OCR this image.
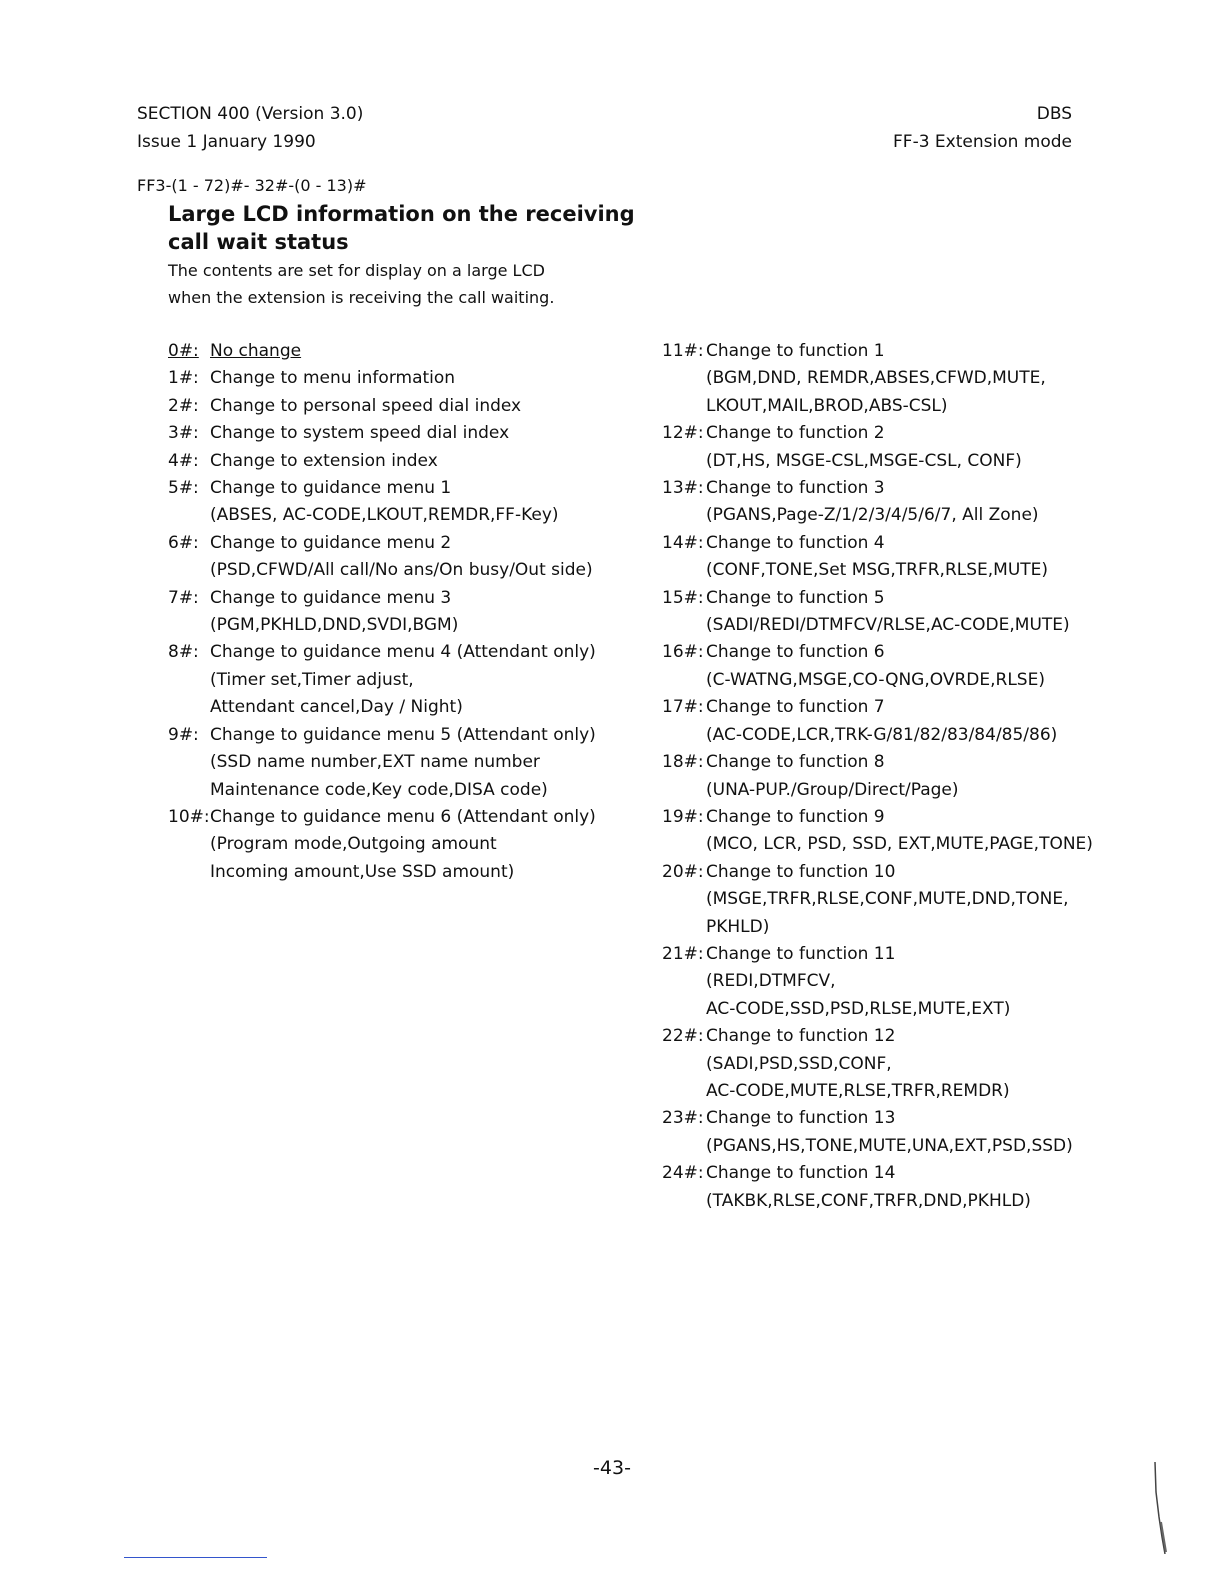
SECTION 400 (Version 3.0)
Issue 1 January 1990
DBS
FF-3 Extension mode
FF3-(1 - 72)#- 32#-(0 - 13)#
Large LCD information on the receiving
call wait status
The contents are set for display on a large LCD
when the extension is receiving the call waiting.
0#: No change
1#: Change to menu information
2#: Change to personal speed dial index
3#: Change to system speed dial index
4#: Change to extension index
5#: Change to guidance menu 1
(ABSES, AC-CODE,LKOUT,REMDR,FF-Key)
6#: Change to guidance menu 2
(PSD,CFWD/All call/No ans/On busy/Out side)
7#: Change to guidance menu 3
(PGM,PKHLD,DND,SVDI,BGM)
8#: Change to guidance menu 4 (Attendant only)
(Timer set,Timer adjust,
Attendant cancel,Day / Night)
9#: Change to guidance menu 5 (Attendant only)
(SSD name number,EXT name number
Maintenance code,Key code,DISA code)
10#: Change to guidance menu 6 (Attendant only)
(Program mode,Outgoing amount
Incoming amount,Use SSD amount)
11#: Change to function 1
(BGM,DND, REMDR,ABSES,CFWD,MUTE,
LKOUT,MAIL,BROD,ABS-CSL)
12#: Change to function 2
(DT,HS, MSGE-CSL,MSGE-CSL, CONF)
13#: Change to function 3
(PGANS,Page-Z/1/2/3/4/5/6/7, All Zone)
14#: Change to function 4
(CONF,TONE,Set MSG,TRFR,RLSE,MUTE)
15#: Change to function 5
(SADI/REDI/DTMFCV/RLSE,AC-CODE,MUTE)
16#: Change to function 6
(C-WATNG,MSGE,CO-QNG,OVRDE,RLSE)
17#: Change to function 7
(AC-CODE,LCR,TRK-G/81/82/83/84/85/86)
18#: Change to function 8
(UNA-PUP./Group/Direct/Page)
19#: Change to function 9
(MCO, LCR, PSD, SSD, EXT,MUTE,PAGE,TONE)
20#: Change to function 10
(MSGE,TRFR,RLSE,CONF,MUTE,DND,TONE,
PKHLD)
21#: Change to function 11
(REDI,DTMFCV,
AC-CODE,SSD,PSD,RLSE,MUTE,EXT)
22#: Change to function 12
(SADI,PSD,SSD,CONF,
AC-CODE,MUTE,RLSE,TRFR,REMDR)
23#: Change to function 13
(PGANS,HS,TONE,MUTE,UNA,EXT,PSD,SSD)
24#: Change to function 14
(TAKBK,RLSE,CONF,TRFR,DND,PKHLD)
-43-
